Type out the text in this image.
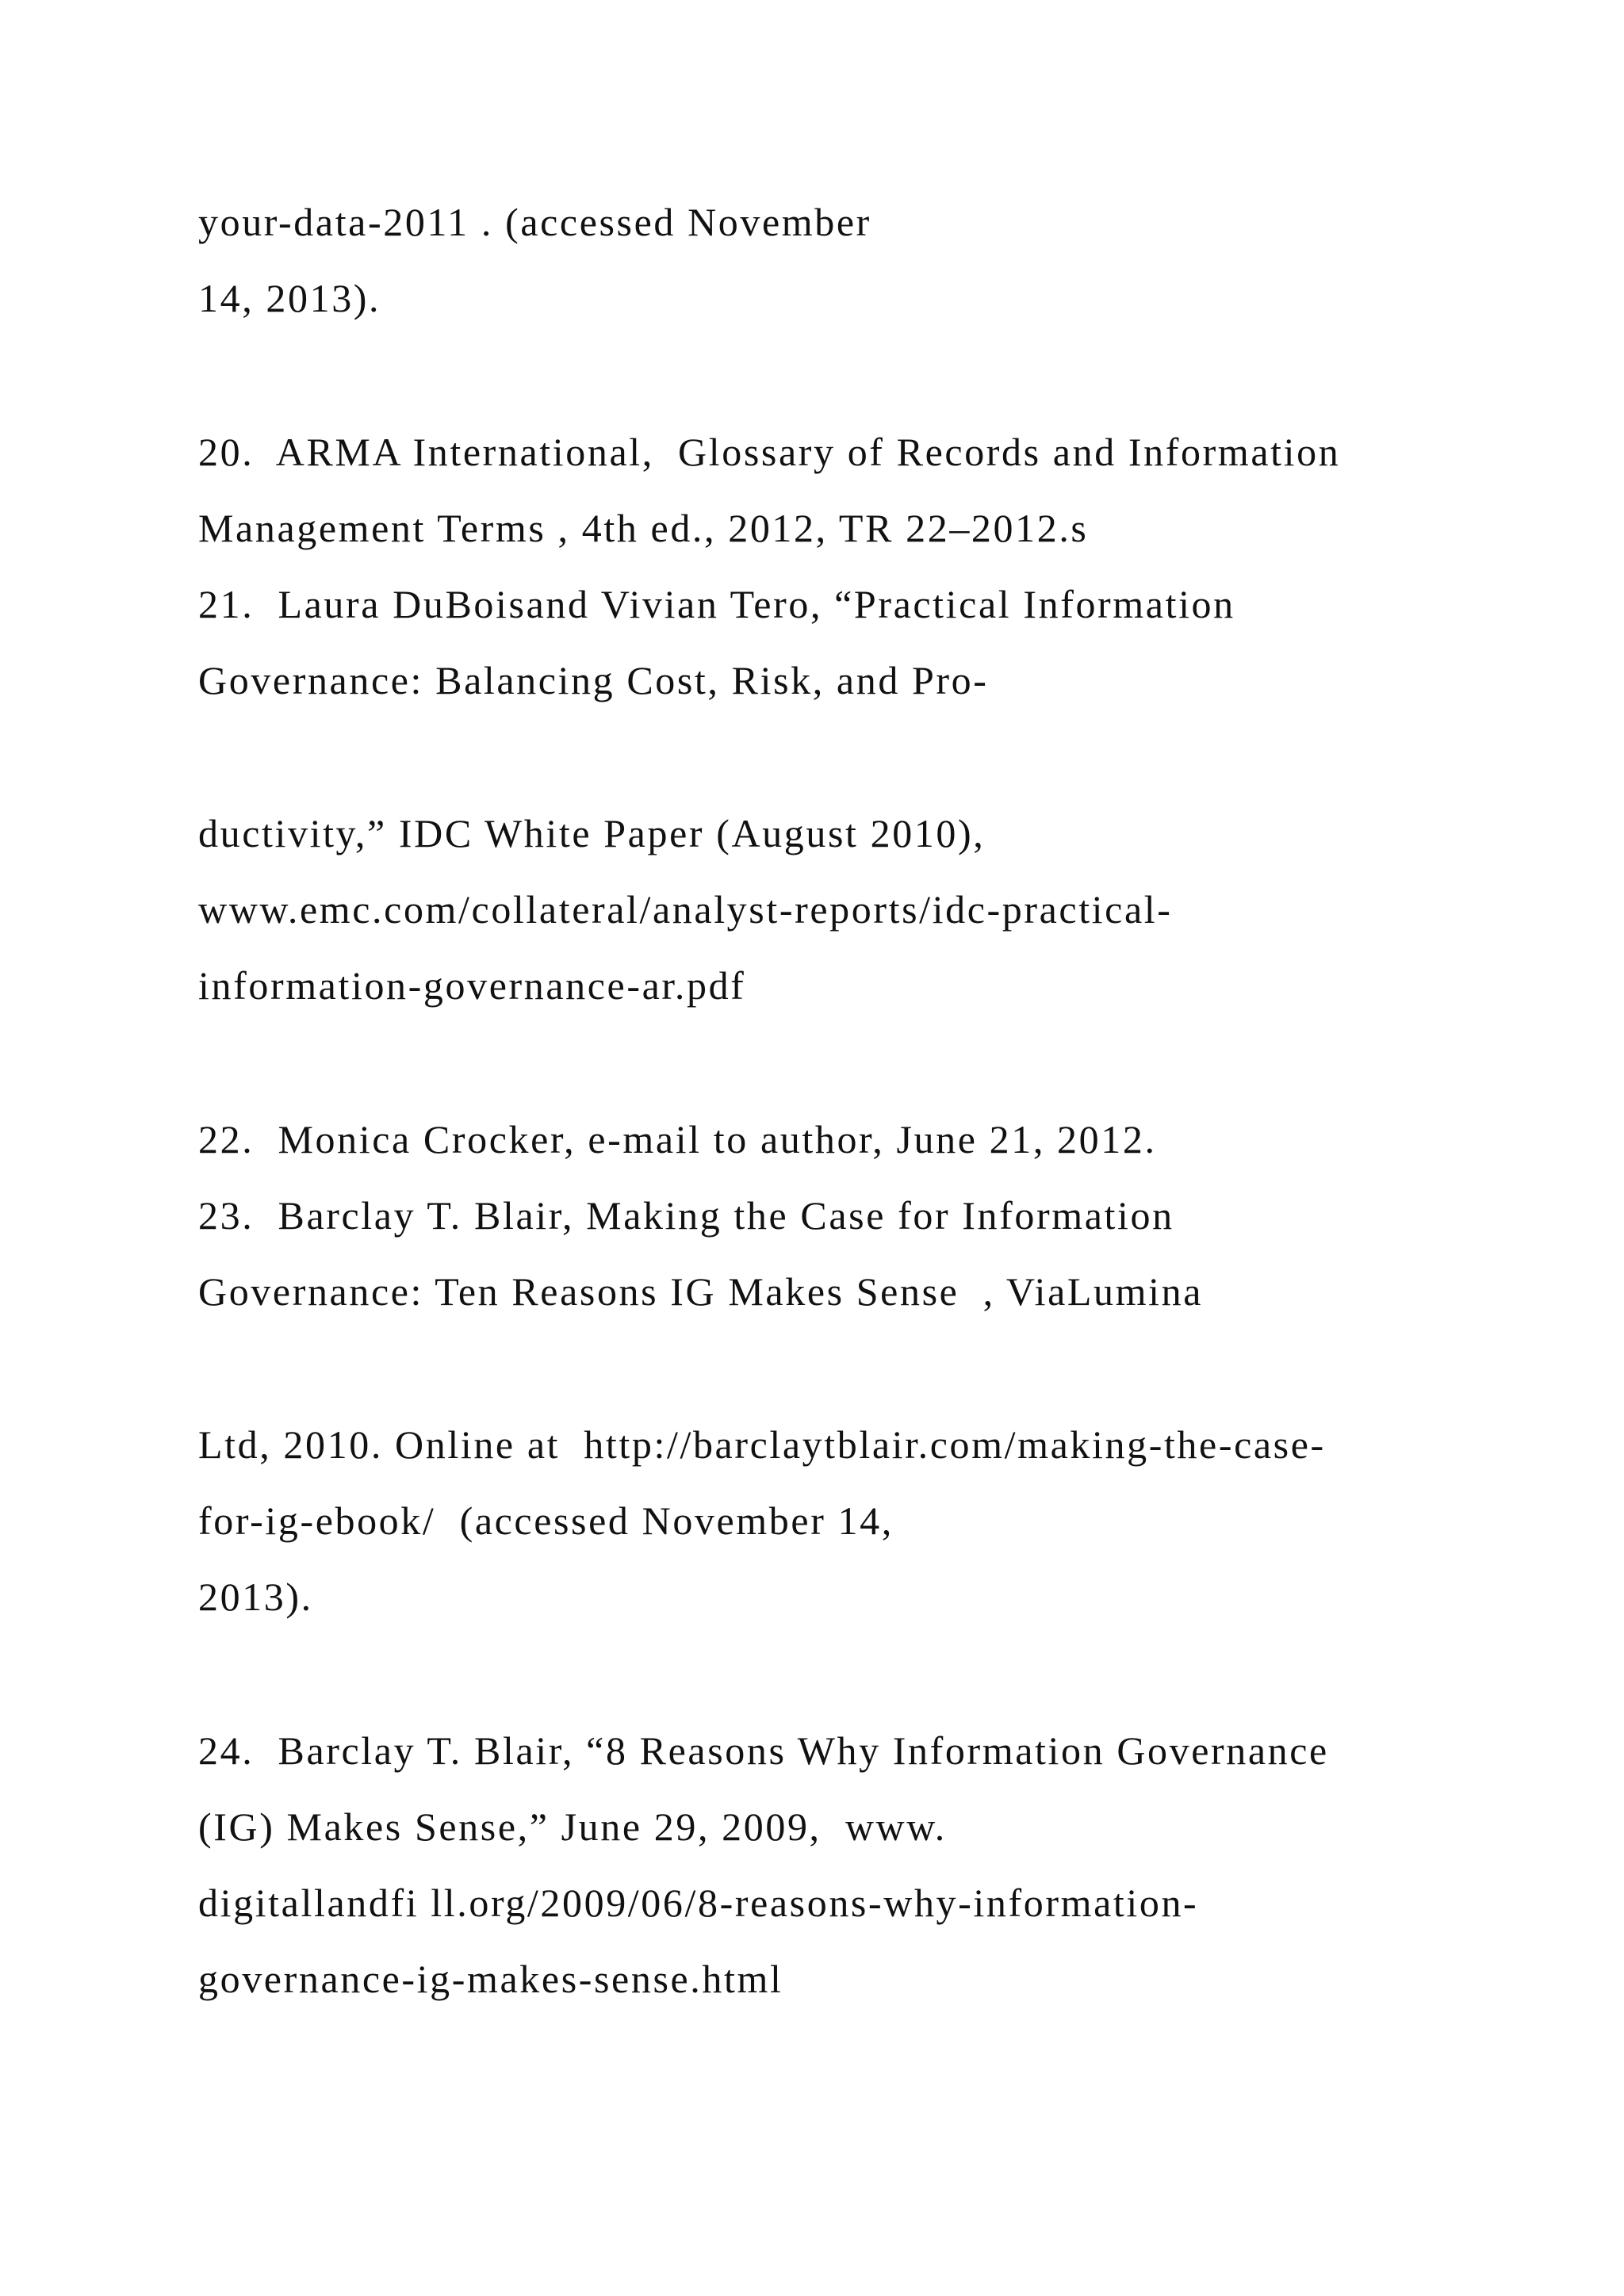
your-data-2011 . (accessed November

14, 2013).

20.  ARMA International,  Glossary of Records and Information

Management Terms , 4th ed., 2012, TR 22–2012.s

21.  Laura DuBoisand Vivian Tero, “Practical Information

Governance: Balancing Cost, Risk, and Pro-

ductivity,” IDC White Paper (August 2010),

www.emc.com/collateral/analyst-reports/idc-practical-

information-governance-ar.pdf

22.  Monica Crocker, e-mail to author, June 21, 2012.

23.  Barclay T. Blair, Making the Case for Information

Governance: Ten Reasons IG Makes Sense  , ViaLumina

Ltd, 2010. Online at  http://barclaytblair.com/making-the-case-

for-ig-ebook/  (accessed November 14,

2013).

24.  Barclay T. Blair, “8 Reasons Why Information Governance

(IG) Makes Sense,” June 29, 2009,  www.

digitallandfi ll.org/2009/06/8-reasons-why-information-

governance-ig-makes-sense.html
